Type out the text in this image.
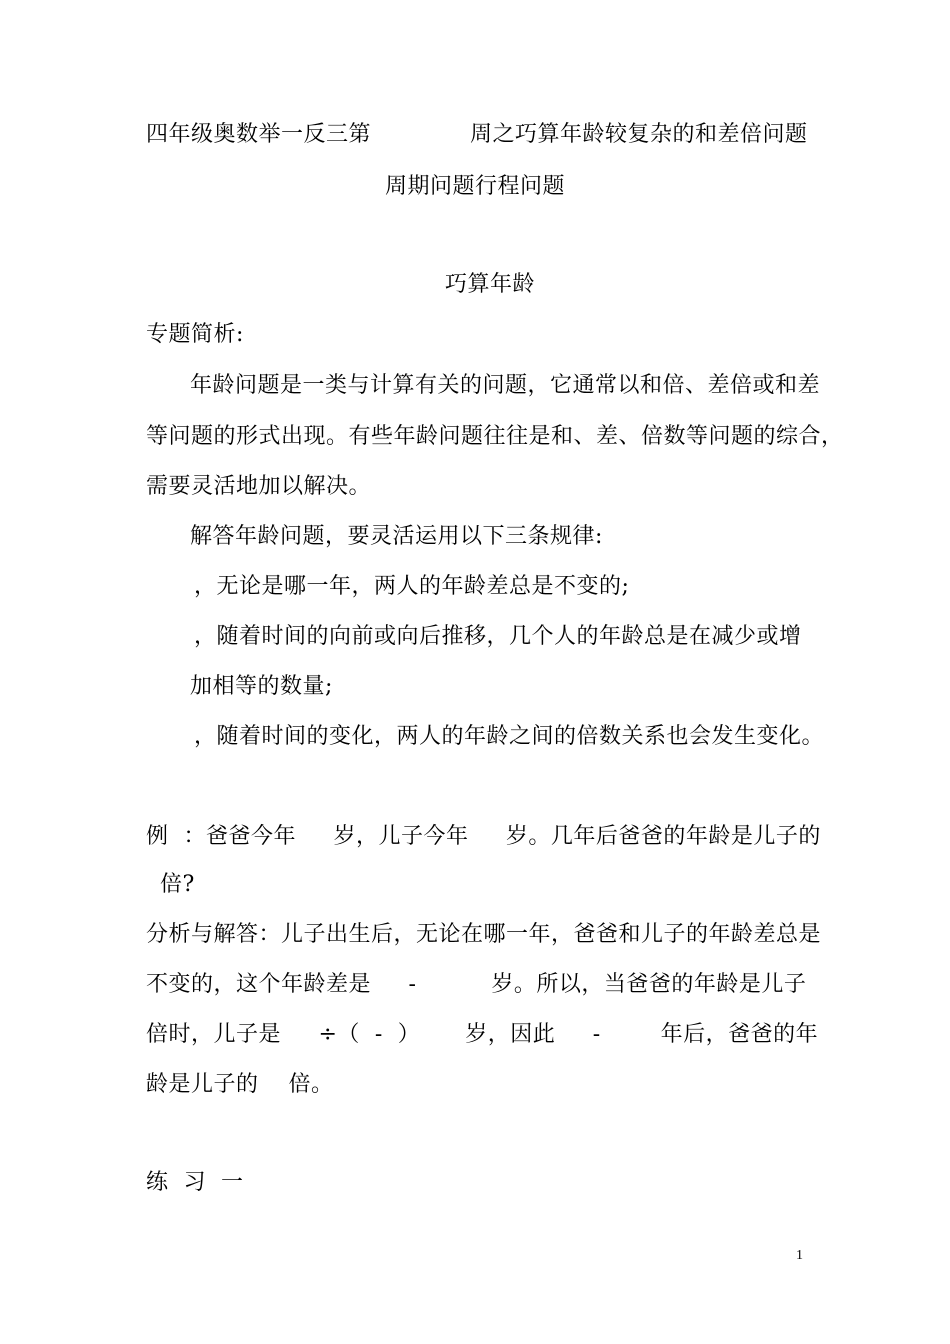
四年级奥数举一反三第	周之巧算年龄较复杂的和差倍问题
周期问题行程问题
巧算年龄
专题简析:
年龄问题是一类与计算有关的问题，它通常以和倍、差倍或和差
等问题的形式出现。有些年龄问题往往是和、差、倍数等问题的综合，
需要灵活地加以解决。
解答年龄问题，要灵活运用以下三条规律:
，无论是哪一年，两人的年龄差总是不变的;
，随着时间的向前或向后推移，几个人的年龄总是在减少或增
加相等的数量;
，随着时间的变化，两人的年龄之间的倍数关系也会发生变化。
例  ：爸爸今年     岁，儿子今年     岁。几年后爸爸的年龄是儿子的
倍?
分析与解答：儿子出生后，无论在哪一年，爸爸和儿子的年龄差总是
不变的，这个年龄差是     -          岁。所以，当爸爸的年龄是儿子
倍时，儿子是     ÷（  -  ）      岁，因此     -        年后，爸爸的年
龄是儿子的    倍。
练  习  一
1
